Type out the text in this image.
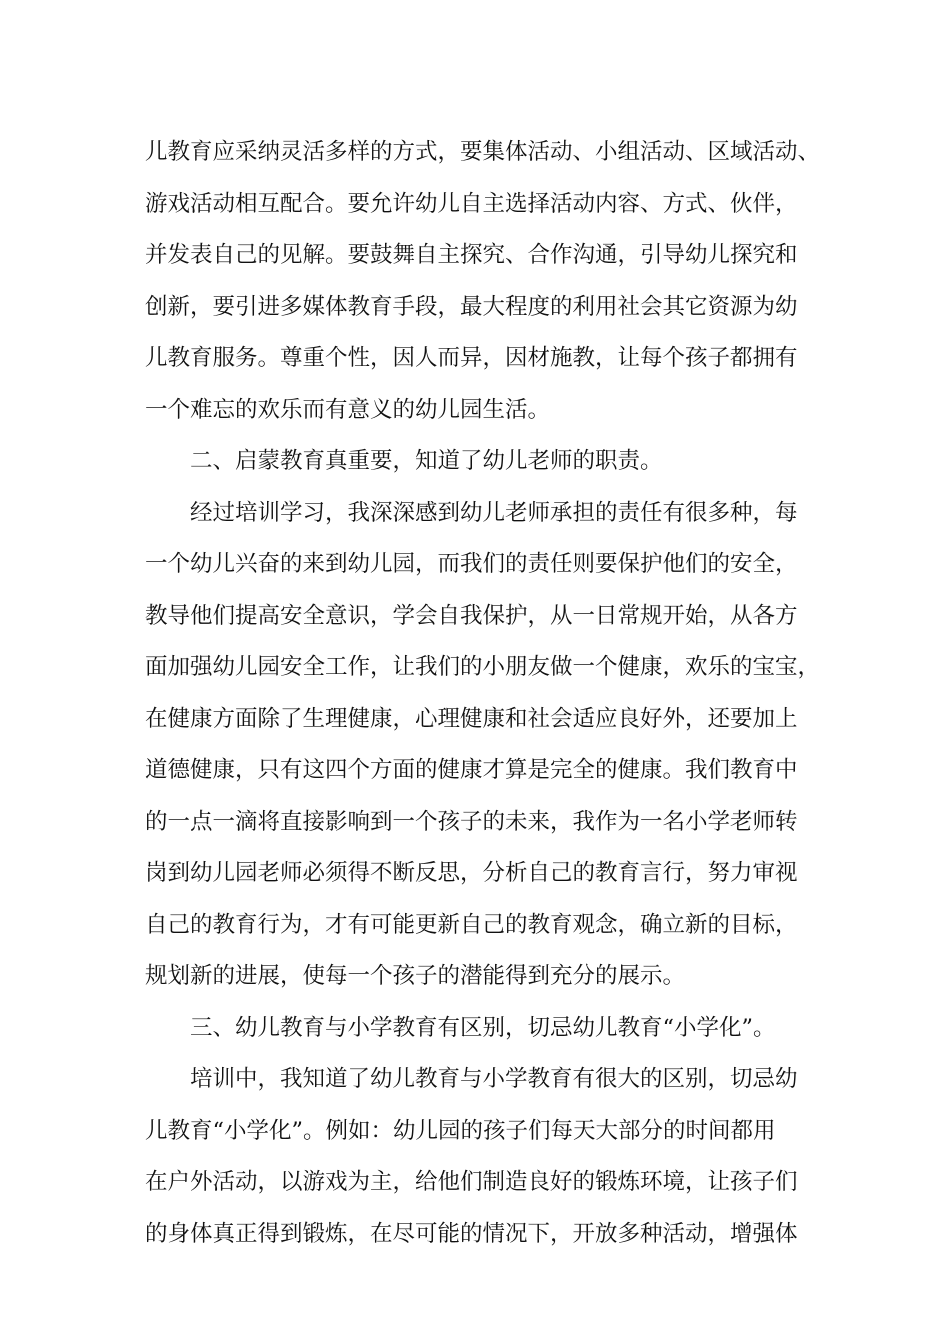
儿教育应采纳灵活多样的方式，要集体活动、小组活动、区域活动、
游戏活动相互配合。要允许幼儿自主选择活动内容、方式、伙伴，
并发表自己的见解。要鼓舞自主探究、合作沟通，引导幼儿探究和
创新，要引进多媒体教育手段，最大程度的利用社会其它资源为幼
儿教育服务。尊重个性，因人而异，因材施教，让每个孩子都拥有
一个难忘的欢乐而有意义的幼儿园生活。
二、启蒙教育真重要，知道了幼儿老师的职责。
经过培训学习，我深深感到幼儿老师承担的责任有很多种，每
一个幼儿兴奋的来到幼儿园，而我们的责任则要保护他们的安全，
教导他们提高安全意识，学会自我保护，从一日常规开始，从各方
面加强幼儿园安全工作，让我们的小朋友做一个健康，欢乐的宝宝，
在健康方面除了生理健康，心理健康和社会适应良好外，还要加上
道德健康，只有这四个方面的健康才算是完全的健康。我们教育中
的一点一滴将直接影响到一个孩子的未来，我作为一名小学老师转
岗到幼儿园老师必须得不断反思，分析自己的教育言行，努力审视
自己的教育行为，才有可能更新自己的教育观念，确立新的目标，
规划新的进展，使每一个孩子的潜能得到充分的展示。
三、幼儿教育与小学教育有区别，切忌幼儿教育“小学化”。
培训中，我知道了幼儿教育与小学教育有很大的区别，切忌幼
儿教育“小学化”。例如：幼儿园的孩子们每天大部分的时间都用
在户外活动，以游戏为主，给他们制造良好的锻炼环境，让孩子们
的身体真正得到锻炼，在尽可能的情况下，开放多种活动，增强体
